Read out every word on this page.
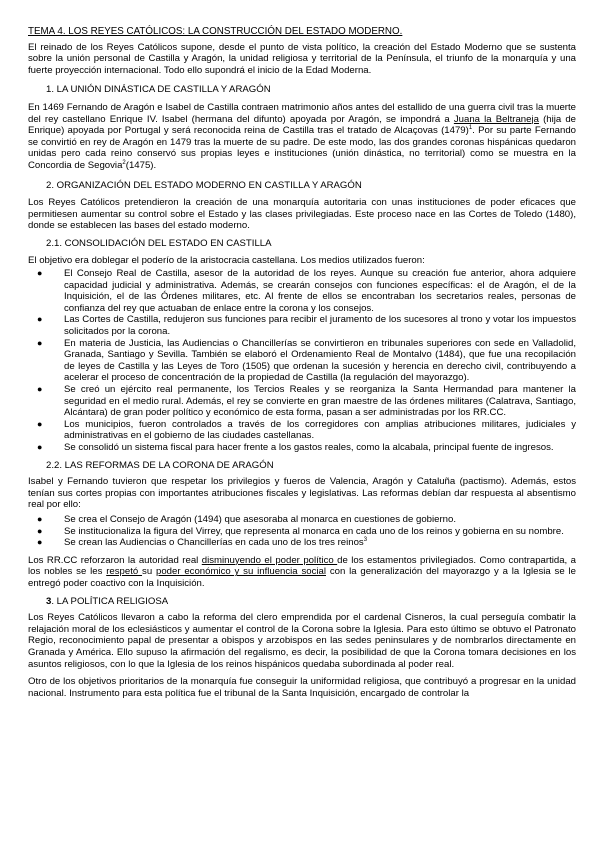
TEMA 4. LOS REYES CATÓLICOS: LA CONSTRUCCIÓN DEL ESTADO MODERNO.

El reinado de los Reyes Católicos supone, desde el punto de vista político, la creación del Estado Moderno que se sustenta sobre la unión personal de Castilla y Aragón, la unidad religiosa y territorial de la Península, el triunfo de la monarquía y una fuerte proyección internacional. Todo ello supondrá el inicio de la Edad Moderna.

1. LA UNIÓN DINÁSTICA DE CASTILLA Y ARAGÓN

En 1469 Fernando de Aragón e Isabel de Castilla contraen matrimonio años antes del estallido de una guerra civil tras la muerte del rey castellano Enrique IV. Isabel (hermana del difunto) apoyada por Aragón, se impondrá a Juana la Beltraneja (hija de Enrique) apoyada por Portugal y será reconocida reina de Castilla tras el tratado de Alcaçovas $(1479)^1$. Por su parte Fernando se convirtió en rey de Aragón en 1479 tras la muerte de su padre. De este modo, las dos grandes coronas hispánicas quedaron unidas pero cada reino conservó sus propias leyes e instituciones (unión dinástica, no territorial) como se muestra en la Concordia de Segovia$^2$(1475).

2. ORGANIZACIÓN DEL ESTADO MODERNO EN CASTILLA Y ARAGÓN

Los Reyes Católicos pretendieron la creación de una monarquía autoritaria con unas instituciones de poder eficaces que permitiesen aumentar su control sobre el Estado y las clases privilegiadas. Este proceso nace en las Cortes de Toledo (1480), donde se establecen las bases del estado moderno.

2.1. CONSOLIDACIÓN DEL ESTADO EN CASTILLA

El objetivo era doblegar el poderío de la aristocracia castellana. Los medios utilizados fueron:

● El Consejo Real de Castilla, asesor de la autoridad de los reyes. Aunque su creación fue anterior, ahora adquiere capacidad judicial y administrativa. Además, se crearán consejos con funciones específicas: el de Aragón, el de la Inquisición, el de las Órdenes militares, etc. Al frente de ellos se encontraban los secretarios reales, personas de confianza del rey que actuaban de enlace entre la corona y los consejos.
● Las Cortes de Castilla, redujeron sus funciones para recibir el juramento de los sucesores al trono y votar los impuestos solicitados por la corona.
● En materia de Justicia, las Audiencias o Chancillerías se convirtieron en tribunales superiores con sede en Valladolid, Granada, Santiago y Sevilla. También se elaboró el Ordenamiento Real de Montalvo (1484), que fue una recopilación de leyes de Castilla y las Leyes de Toro (1505) que ordenan la sucesión y herencia en derecho civil, contribuyendo a acelerar el proceso de concentración de la propiedad de Castilla (la regulación del mayorazgo).
● Se creó un ejército real permanente, los Tercios Reales y se reorganiza la Santa Hermandad para mantener la seguridad en el medio rural. Además, el rey se convierte en gran maestre de las órdenes militares (Calatrava, Santiago, Alcántara) de gran poder político y económico de esta forma, pasan a ser administradas por los RR.CC.
● Los municipios, fueron controlados a través de los corregidores con amplias atribuciones militares, judiciales y administrativas en el gobierno de las ciudades castellanas.
● Se consolidó un sistema fiscal para hacer frente a los gastos reales, como la alcabala, principal fuente de ingresos.

2.2. LAS REFORMAS DE LA CORONA DE ARAGÓN

Isabel y Fernando tuvieron que respetar los privilegios y fueros de Valencia, Aragón y Cataluña (pactismo). Además, estos tenían sus cortes propias con importantes atribuciones fiscales y legislativas. Las reformas debían dar respuesta al absentismo real por ello:

● Se crea el Consejo de Aragón (1494) que asesoraba al monarca en cuestiones de gobierno.
● Se institucionaliza la figura del Virrey, que representa al monarca en cada uno de los reinos y gobierna en su nombre.
● Se crean las Audiencias o Chancillerías en cada uno de los tres reinos$^3$

Los RR.CC reforzaron la autoridad real disminuyendo el poder político de los estamentos privilegiados. Como contrapartida, a los nobles se les respetó su poder económico y su influencia social con la generalización del mayorazgo y a la Iglesia se le entregó poder coactivo con la Inquisición.

3. LA POLÍTICA RELIGIOSA

Los Reyes Católicos llevaron a cabo la reforma del clero emprendida por el cardenal Cisneros, la cual perseguía combatir la relajación moral de los eclesiásticos y aumentar el control de la Corona sobre la Iglesia. Para esto último se obtuvo el Patronato Regio, reconocimiento papal de presentar a obispos y arzobispos en las sedes peninsulares y de nombrarlos directamente en Granada y América. Ello supuso la afirmación del regalismo, es decir, la posibilidad de que la Corona tomara decisiones en los asuntos religiosos, con lo que la Iglesia de los reinos hispánicos quedaba subordinada al poder real.

Otro de los objetivos prioritarios de la monarquía fue conseguir la uniformidad religiosa, que contribuyó a progresar en la unidad nacional. Instrumento para esta política fue el tribunal de la Santa Inquisición, encargado de controlar la
